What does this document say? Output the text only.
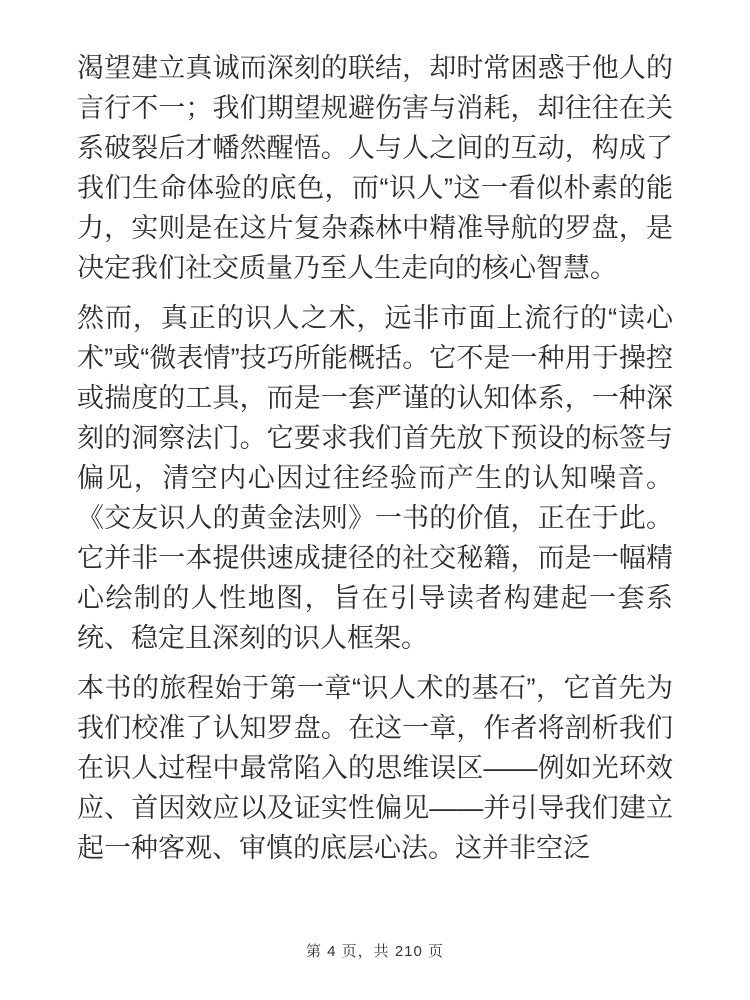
渴望建立真诚而深刻的联结，却时常困惑于他人的言行不一；我们期望规避伤害与消耗，却往往在关系破裂后才幡然醒悟。人与人之间的互动，构成了我们生命体验的底色，而“识人”这一看似朴素的能力，实则是在这片复杂森林中精准导航的罗盘，是决定我们社交质量乃至人生走向的核心智慧。

然而，真正的识人之术，远非市面上流行的“读心术”或“微表情”技巧所能概括。它不是一种用于操控或揣度的工具，而是一套严谨的认知体系，一种深刻的洞察法门。它要求我们首先放下预设的标签与偏见，清空内心因过往经验而产生的认知噪音。《交友识人的黄金法则》一书的价值，正在于此。它并非一本提供速成捷径的社交秘籍，而是一幅精心绘制的人性地图，旨在引导读者构建起一套系统、稳定且深刻的识人框架。

本书的旅程始于第一章“识人术的基石”，它首先为我们校准了认知罗盘。在这一章，作者将剖析我们在识人过程中最常陷入的思维误区——例如光环效应、首因效应以及证实性偏见——并引导我们建立起一种客观、审慎的底层心法。这并非空泛

第 4 页，共 210 页
